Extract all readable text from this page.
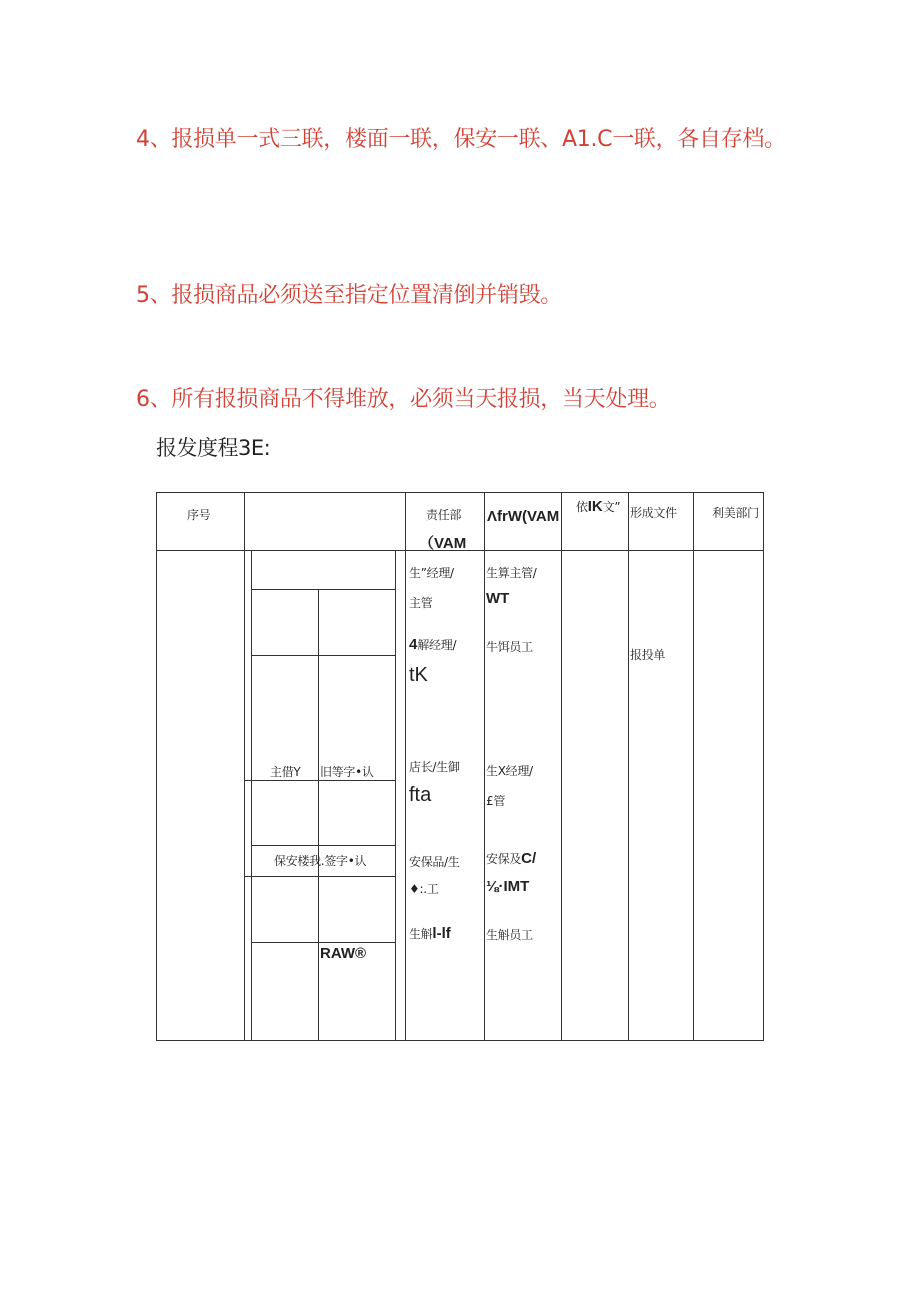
4、报损单一式三联，楼面一联，保安一联、A1.C一联，各自存档。
5、报损商品必须送至指定位置清倒并销毁。
6、所有报损商品不得堆放，必须当天报损，当天处理。
报发度程3E:
序号	责任部
（VAM
ΛfrW(VAM
依IK文” 形成文件	利美部门
主借Y 旧等字•认
保安楼我.签字•认
RAW®
生”经理/
主管
4解经理/
tK
店长/生御
fta
安保品/生
♦:.工
生斛l-lf
生算主管/
WT
牛饵员工
生X经理/
£管
安保及C/
⅛·IMT
生斛员工
报投单
